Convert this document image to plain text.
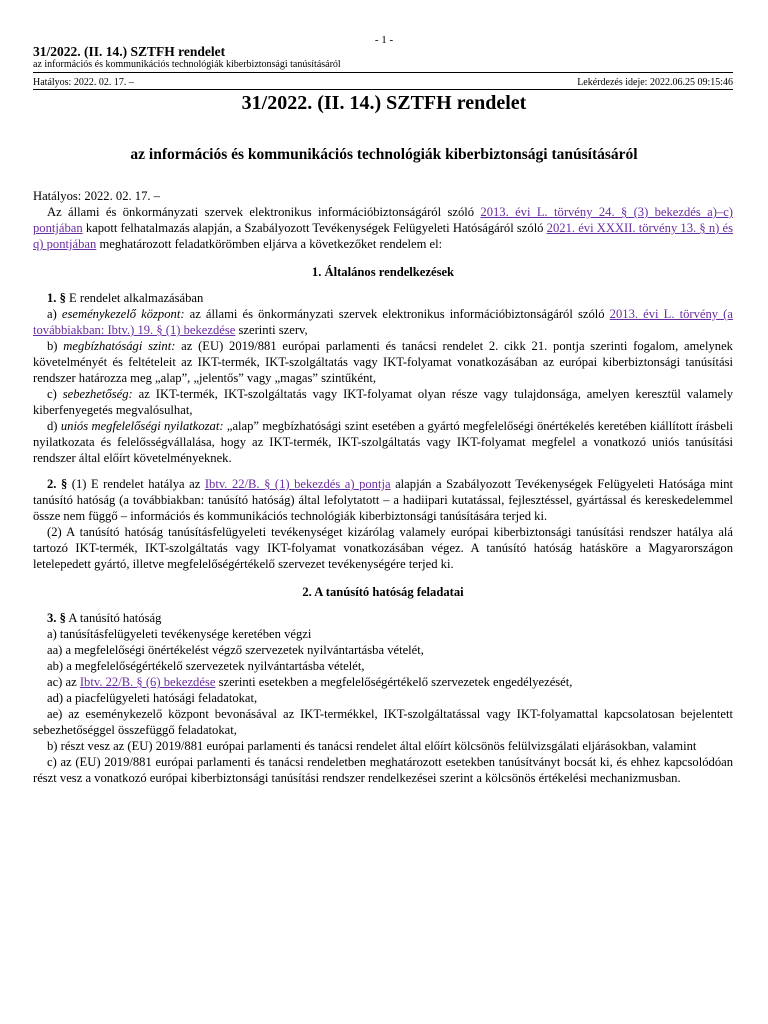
- 1 -
31/2022. (II. 14.) SZTFH rendelet
az információs és kommunikációs technológiák kiberbiztonsági tanúsításáról
Hatályos: 2022. 02. 17. –	Lekérdezés ideje: 2022.06.25 09:15:46
31/2022. (II. 14.) SZTFH rendelet
az információs és kommunikációs technológiák kiberbiztonsági tanúsításáról

Hatályos: 2022. 02. 17. –

Az állami és önkormányzati szervek elektronikus információbiztonságáról szóló 2013. évi L. törvény 24. § (3) bekezdés a)–c) pontjában kapott felhatalmazás alapján, a Szabályozott Tevékenységek Felügyeleti Hatóságáról szóló 2021. évi XXXII. törvény 13. § n) és q) pontjában meghatározott feladatkörömben eljárva a következőket rendelem el:

1. Általános rendelkezések

1. § E rendelet alkalmazásában

a) eseménykezelő központ: az állami és önkormányzati szervek elektronikus információbiztonságáról szóló 2013. évi L. törvény (a továbbiakban: Ibtv.) 19. § (1) bekezdése szerinti szerv,

b) megbízhatósági szint: az (EU) 2019/881 európai parlamenti és tanácsi rendelet 2. cikk 21. pontja szerinti fogalom, amelynek követelményét és feltételeit az IKT-termék, IKT-szolgáltatás vagy IKT-folyamat vonatkozásában az európai kiberbiztonsági tanúsítási rendszer határozza meg „alap”, „jelentős” vagy „magas” szintűként,

c) sebezhetőség: az IKT-termék, IKT-szolgáltatás vagy IKT-folyamat olyan része vagy tulajdonsága, amelyen keresztül valamely kiberfenyegetés megvalósulhat,

d) uniós megfelelőségi nyilatkozat: „alap” megbízhatósági szint esetében a gyártó megfelelőségi önértékelés keretében kiállított írásbeli nyilatkozata és felelősségvállalása, hogy az IKT-termék, IKT-szolgáltatás vagy IKT-folyamat megfelel a vonatkozó uniós tanúsítási rendszer által előírt követelményeknek.

2. § (1) E rendelet hatálya az Ibtv. 22/B. § (1) bekezdés a) pontja alapján a Szabályozott Tevékenységek Felügyeleti Hatósága mint tanúsító hatóság (a továbbiakban: tanúsító hatóság) által lefolytatott – a hadiipari kutatással, fejlesztéssel, gyártással és kereskedelemmel össze nem függő – információs és kommunikációs technológiák kiberbiztonsági tanúsítására terjed ki.

(2) A tanúsító hatóság tanúsításfelügyeleti tevékenységet kizárólag valamely európai kiberbiztonsági tanúsítási rendszer hatálya alá tartozó IKT-termék, IKT-szolgáltatás vagy IKT-folyamat vonatkozásában végez. A tanúsító hatóság hatásköre a Magyarországon letelepedett gyártó, illetve megfelelőségértékelő szervezet tevékenységére terjed ki.

2. A tanúsító hatóság feladatai

3. § A tanúsító hatóság

a) tanúsításfelügyeleti tevékenysége keretében végzi

aa) a megfelelőségi önértékelést végző szervezetek nyilvántartásba vételét,

ab) a megfelelőségértékelő szervezetek nyilvántartásba vételét,

ac) az Ibtv. 22/B. § (6) bekezdése szerinti esetekben a megfelelőségértékelő szervezetek engedélyezését,

ad) a piacfelügyeleti hatósági feladatokat,

ae) az eseménykezelő központ bevonásával az IKT-termékkel, IKT-szolgáltatással vagy IKT-folyamattal kapcsolatosan bejelentett sebezhetőséggel összefüggő feladatokat,

b) részt vesz az (EU) 2019/881 európai parlamenti és tanácsi rendelet által előírt kölcsönös felülvizsgálati eljárásokban, valamint

c) az (EU) 2019/881 európai parlamenti és tanácsi rendeletben meghatározott esetekben tanúsítványt bocsát ki, és ehhez kapcsolódóan részt vesz a vonatkozó európai kiberbiztonsági tanúsítási rendszer rendelkezései szerint a kölcsönös értékelési mechanizmusban.
